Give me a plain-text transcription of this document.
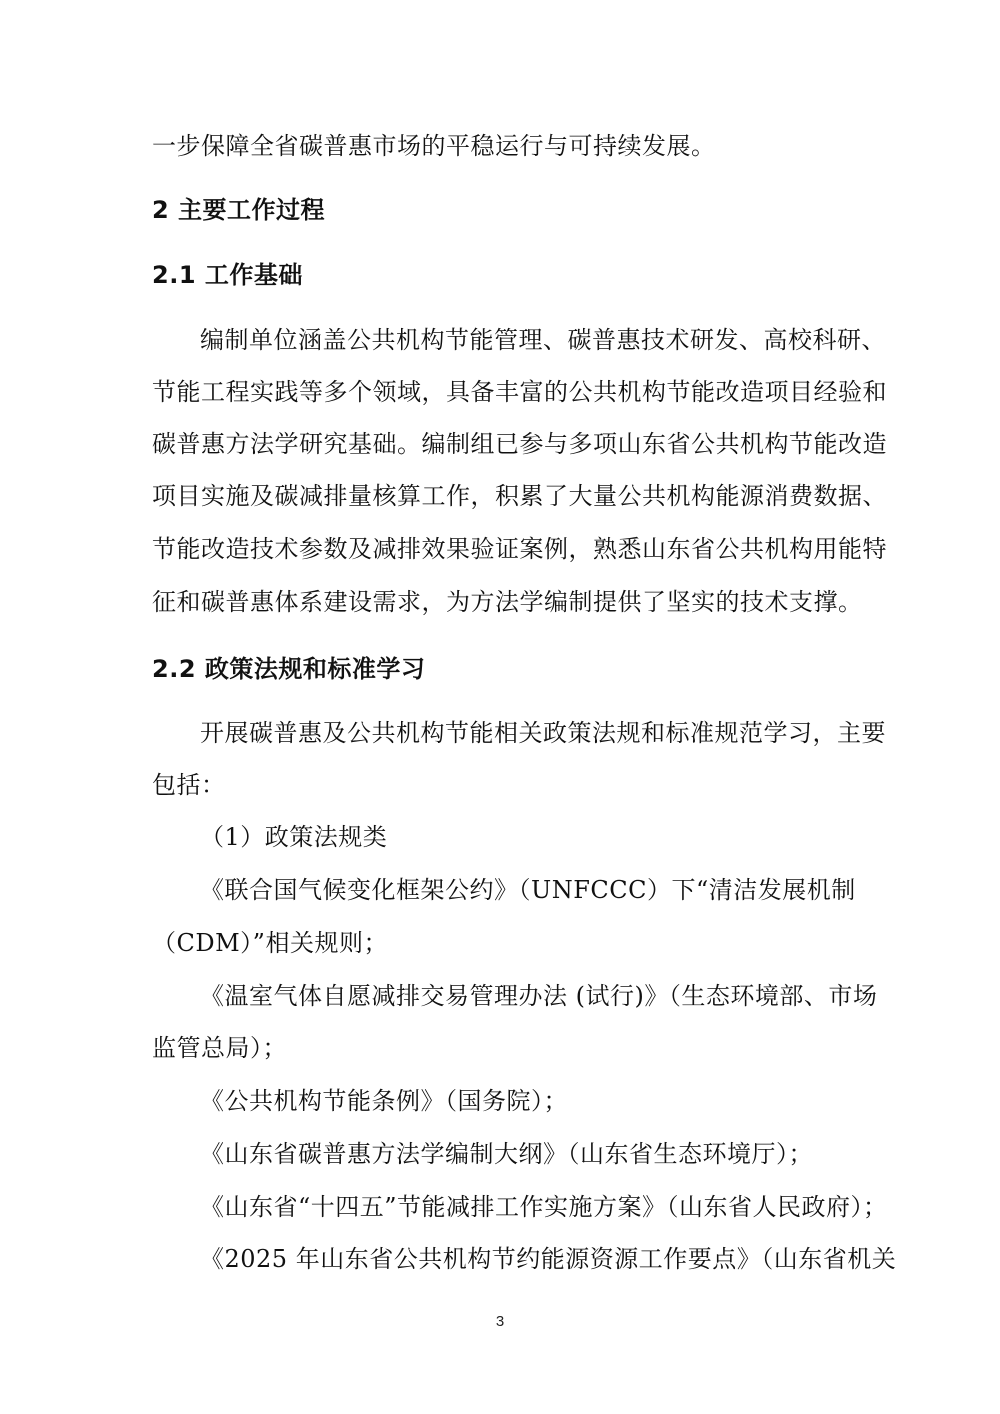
一步保障全省碳普惠市场的平稳运行与可持续发展。
2 主要工作过程
2.1 工作基础
编制单位涵盖公共机构节能管理、碳普惠技术研发、高校科研、
节能工程实践等多个领域，具备丰富的公共机构节能改造项目经验和
碳普惠方法学研究基础。编制组已参与多项山东省公共机构节能改造
项目实施及碳减排量核算工作，积累了大量公共机构能源消费数据、
节能改造技术参数及减排效果验证案例，熟悉山东省公共机构用能特
征和碳普惠体系建设需求，为方法学编制提供了坚实的技术支撑。
2.2 政策法规和标准学习
开展碳普惠及公共机构节能相关政策法规和标准规范学习，主要
包括：
（1）政策法规类
《联合国气候变化框架公约》（UNFCCC）下“清洁发展机制
（CDM）”相关规则；
《温室气体自愿减排交易管理办法 (试行)》（生态环境部、市场
监管总局）；
《公共机构节能条例》（国务院）；
《山东省碳普惠方法学编制大纲》（山东省生态环境厅）；
《山东省“十四五”节能减排工作实施方案》（山东省人民政府）；
《2025 年山东省公共机构节约能源资源工作要点》（山东省机关
3
